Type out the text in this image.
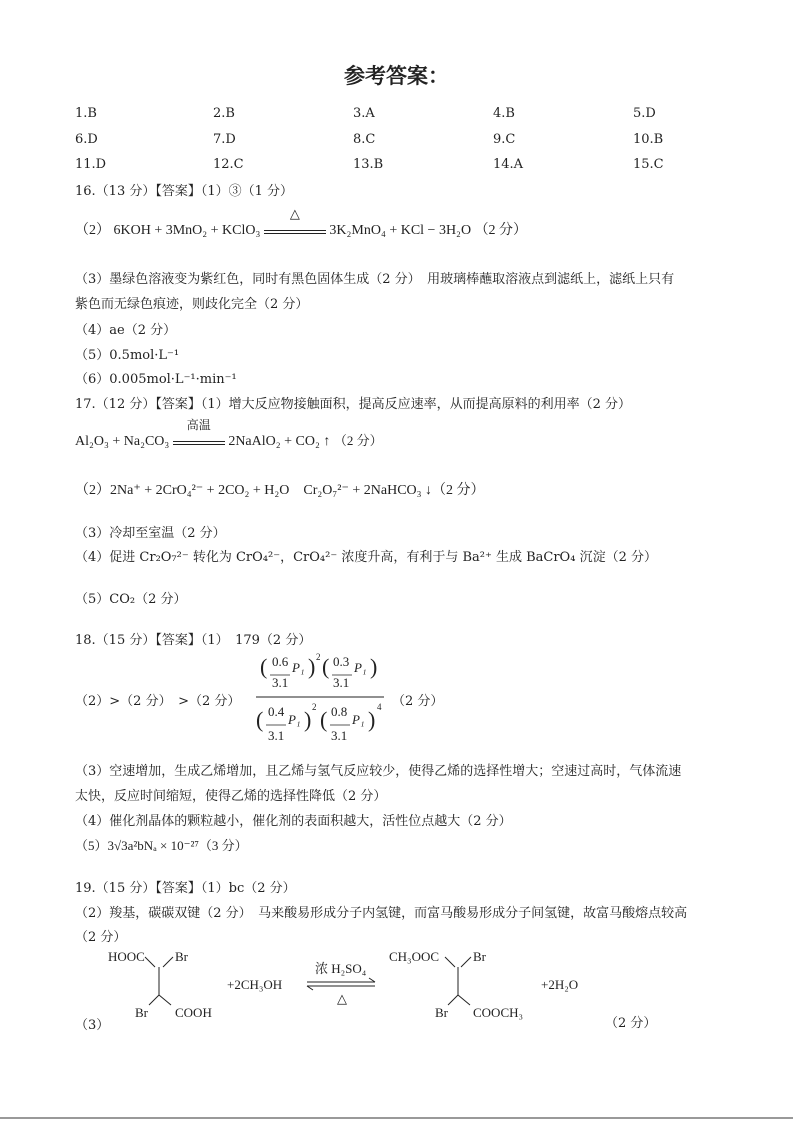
参考答案：
1.B	2.B	3.A	4.B	5.D
6.D	7.D	8.C	9.C	10.B
11.D	12.C	13.B	14.A	15.C
16.（13 分）【答案】（1）③（1 分）
（2） 6KOH + 3MnO₂ + KClO₃
△
3K₂MnO₄ + KCl − 3H₂O （2 分）
（3）墨绿色溶液变为紫红色，同时有黑色固体生成（2 分）　用玻璃棒蘸取溶液点到滤纸上，滤纸上只有
紫色而无绿色痕迹，则歧化完全（2 分）
（4）ae（2 分）
（5）0.5mol·L⁻¹
（6）0.005mol·L⁻¹·min⁻¹
17.（12 分）【答案】（1）增大反应物接触面积，提高反应速率，从而提高原料的利用率（2 分）
Al₂O₃ + Na₂CO₃
高温
2NaAlO₂ + CO₂ ↑ （2 分）
（2）2Na⁺ + 2CrO₄²⁻ + 2CO₂ + H₂O　Cr₂O₇²⁻ + 2NaHCO₃ ↓（2 分）
（3）冷却至室温（2 分）
（4）促进 Cr₂O₇²⁻ 转化为 CrO₄²⁻，CrO₄²⁻ 浓度升高，有利于与 Ba²⁺ 生成 BaCrO₄ 沉淀（2 分）
（5）CO₂（2 分）
18.（15 分）【答案】（1）　179（2 分）
（2）>（2 分）　>（2 分）
( 0.6 P₁
3.1
) 2 ( 0.3 P₁
3.1
)
( 0.4
P₁
3.1
) 2 ( 0.8
P₁
3.1
) 4 （2 分）
（3）空速增加，生成乙烯增加，且乙烯与氢气反应较少，使得乙烯的选择性增大；空速过高时，气体流速
太快，反应时间缩短，使得乙烯的选择性降低（2 分）
（4）催化剂晶体的颗粒越小，催化剂的表面积越大，活性位点越大（2 分）
（5）3√3a²bNₐ × 10⁻²⁷（3 分）
19.（15 分）【答案】（1）bc（2 分）
（2）羧基，碳碳双键（2 分）　马来酸易形成分子内氢键，而富马酸易形成分子间氢键，故富马酸熔点较高
（2 分）
HOOC Br
Br COOH
+2CH₃OH
浓 H₂SO₄
△
CH₃OOC	Br
Br COOCH₃
+2H₂O
（3）	（2 分）
